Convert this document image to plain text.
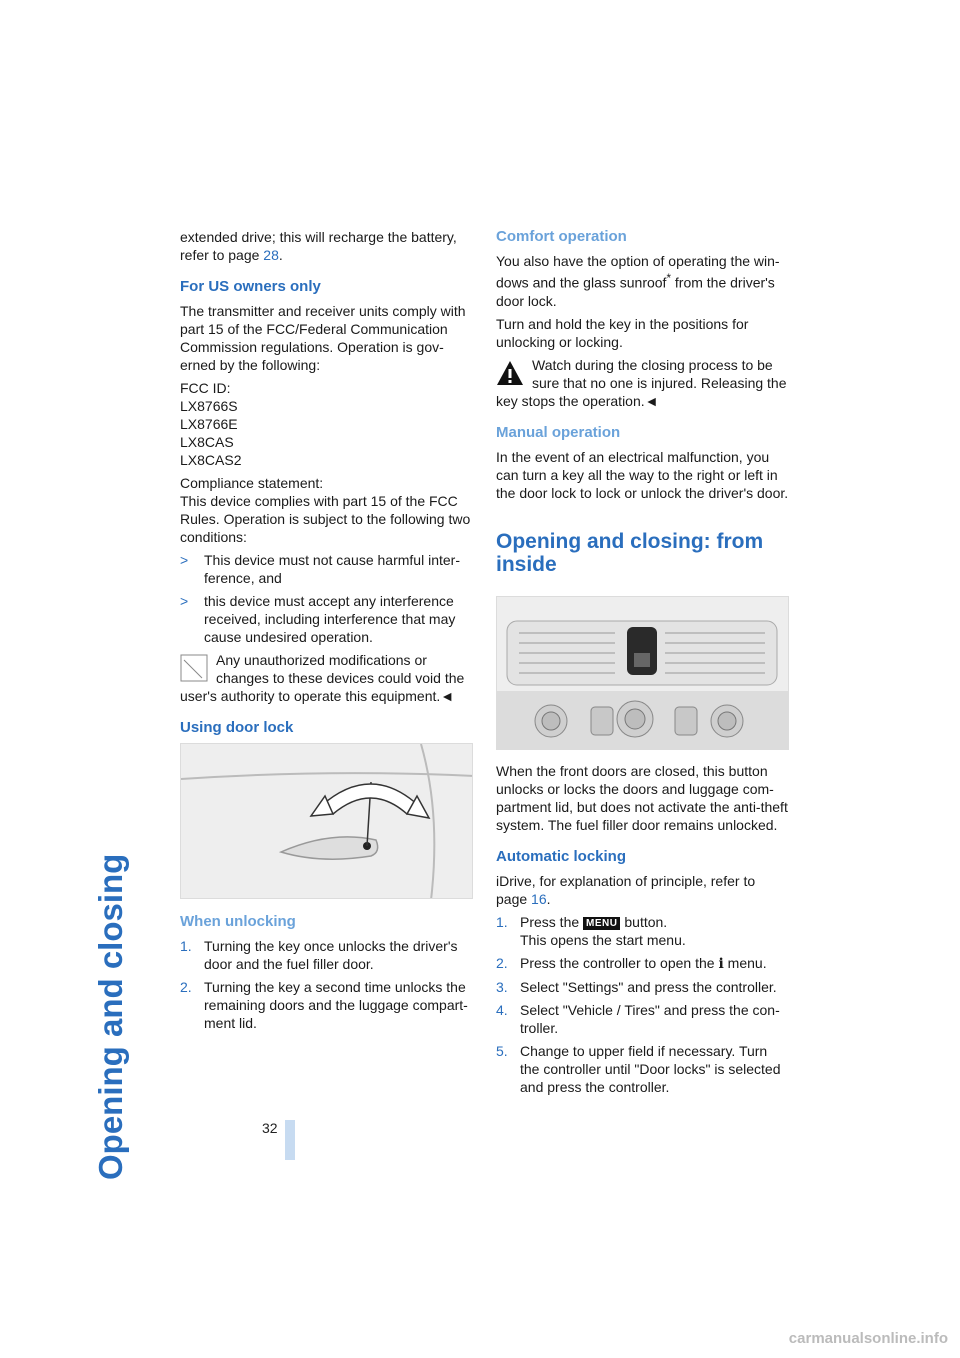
Opening and closing	32

extended drive; this will recharge the battery, refer to page 28.

For US owners only

The transmitter and receiver units comply with part 15 of the FCC/Federal Communication Commission regulations. Operation is gov-erned by the following:

FCC ID:
LX8766S
LX8766E
LX8CAS
LX8CAS2

Compliance statement:
This device complies with part 15 of the FCC Rules. Operation is subject to the following two conditions:

> This device must not cause harmful inter-ference, and
> this device must accept any interference received, including interference that may cause undesired operation.
Any unauthorized modifications or changes to these devices could void the user's authority to operate this equipment.◄
Using door lock
When unlocking
1. Turning the key once unlocks the driver's door and the fuel filler door.
2. Turning the key a second time unlocks the remaining doors and the luggage compart-ment lid.
Comfort operation

You also have the option of operating the win-dows and the glass sunroof* from the driver's door lock.

Turn and hold the key in the positions for unlocking or locking.

Watch during the closing process to be sure that no one is injured. Releasing the key stops the operation.◄
Manual operation

In the event of an electrical malfunction, you can turn a key all the way to the right or left in the door lock to lock or unlock the driver's door.

Opening and closing: from inside

When the front doors are closed, this button unlocks or locks the doors and luggage com-partment lid, but does not activate the anti-theft system. The fuel filler door remains unlocked.

Automatic locking

iDrive, for explanation of principle, refer to page 16.

1. Press the MENU button.
This opens the start menu.
2. Press the controller to open the i menu.
3. Select "Settings" and press the controller.
4. Select "Vehicle / Tires" and press the con-troller.
5. Change to upper field if necessary. Turn the controller until "Door locks" is selected and press the controller.
carmanualsonline.info
